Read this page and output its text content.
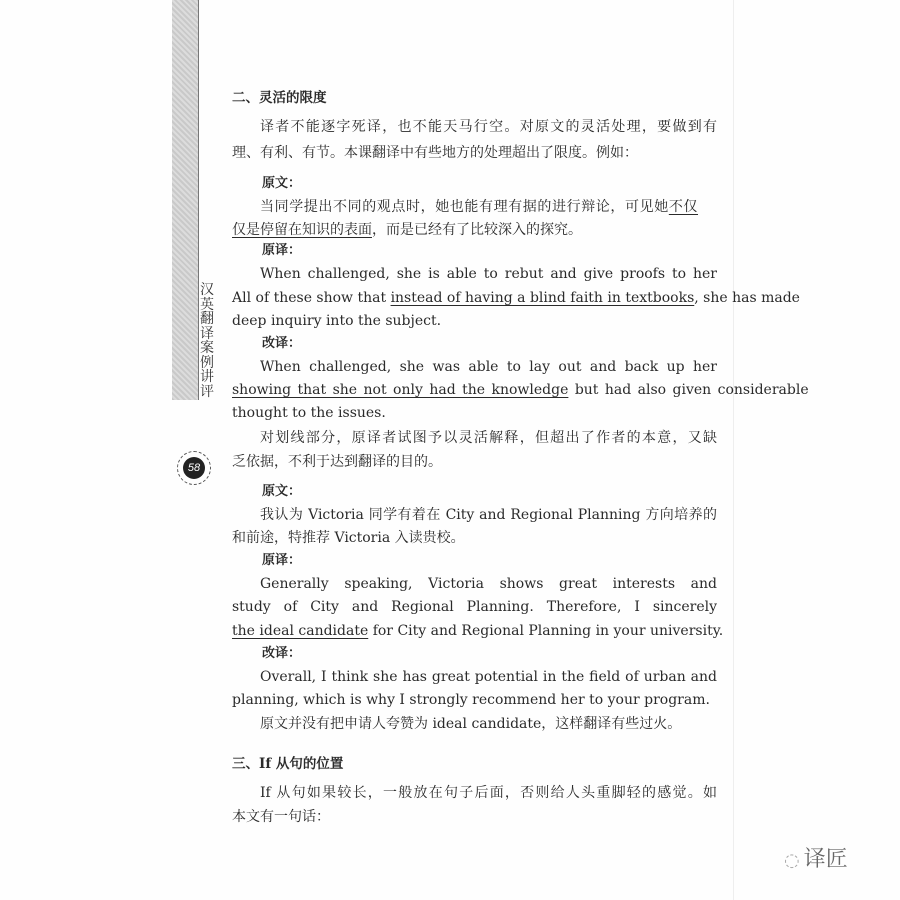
汉英翻译案例讲评
58
二、灵活的限度
译者不能逐字死译，也不能天马行空。对原文的灵活处理，要做到有
理、有利、有节。本课翻译中有些地方的处理超出了限度。例如：
原文：
当同学提出不同的观点时，她也能有理有据的进行辩论，可见她不仅
仅是停留在知识的表面，而是已经有了比较深入的探究。
原译：
When challenged, she is able to rebut and give proofs to her
All of these show that instead of having a blind faith in textbooks, she has made
deep inquiry into the subject.
改译：
When challenged, she was able to lay out and back up her
showing that she not only had the knowledge but had also given considerable
thought to the issues.
对划线部分，原译者试图予以灵活解释，但超出了作者的本意，又缺
乏依据，不利于达到翻译的目的。
原文：
我认为 Victoria 同学有着在 City and Regional Planning 方向培养的
和前途，特推荐 Victoria 入读贵校。
原译：
Generally speaking, Victoria shows great interests and
study of City and Regional Planning. Therefore, I sincerely
the ideal candidate for City and Regional Planning in your university.
改译：
Overall, I think she has great potential in the field of urban and
planning, which is why I strongly recommend her to your program.
原文并没有把申请人夸赞为 ideal candidate，这样翻译有些过火。
三、If 从句的位置
If 从句如果较长，一般放在句子后面，否则给人头重脚轻的感觉。如
本文有一句话：
◌ 译匠
